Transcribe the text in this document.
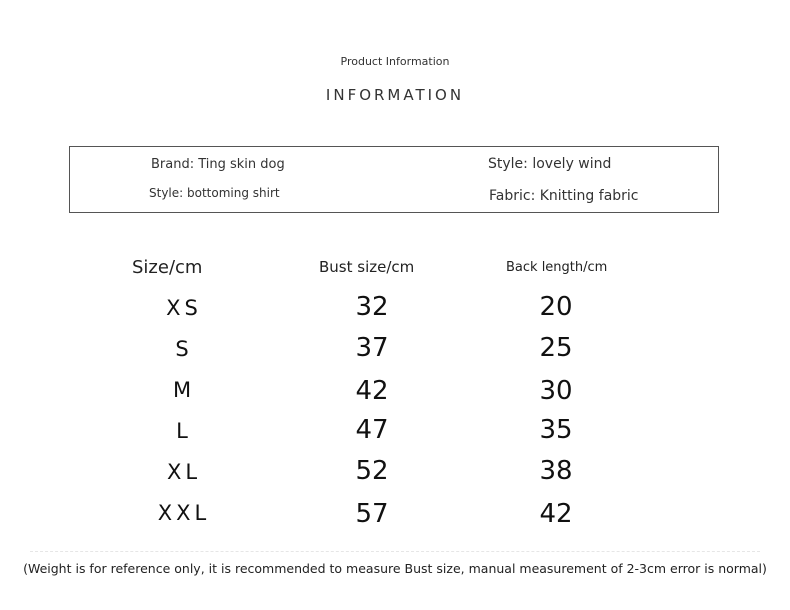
Product Information
INFORMATION
Brand: Ting skin dog
Style: bottoming shirt
Style: lovely wind
Fabric: Knitting fabric
Size/cm	Bust size/cm	Back length/cm
XS	32	20
S	37	25
M	42	30
L	47	35
XL	52	38
XXL	57	42
(Weight is for reference only, it is recommended to measure Bust size, manual measurement of 2-3cm error is normal)
